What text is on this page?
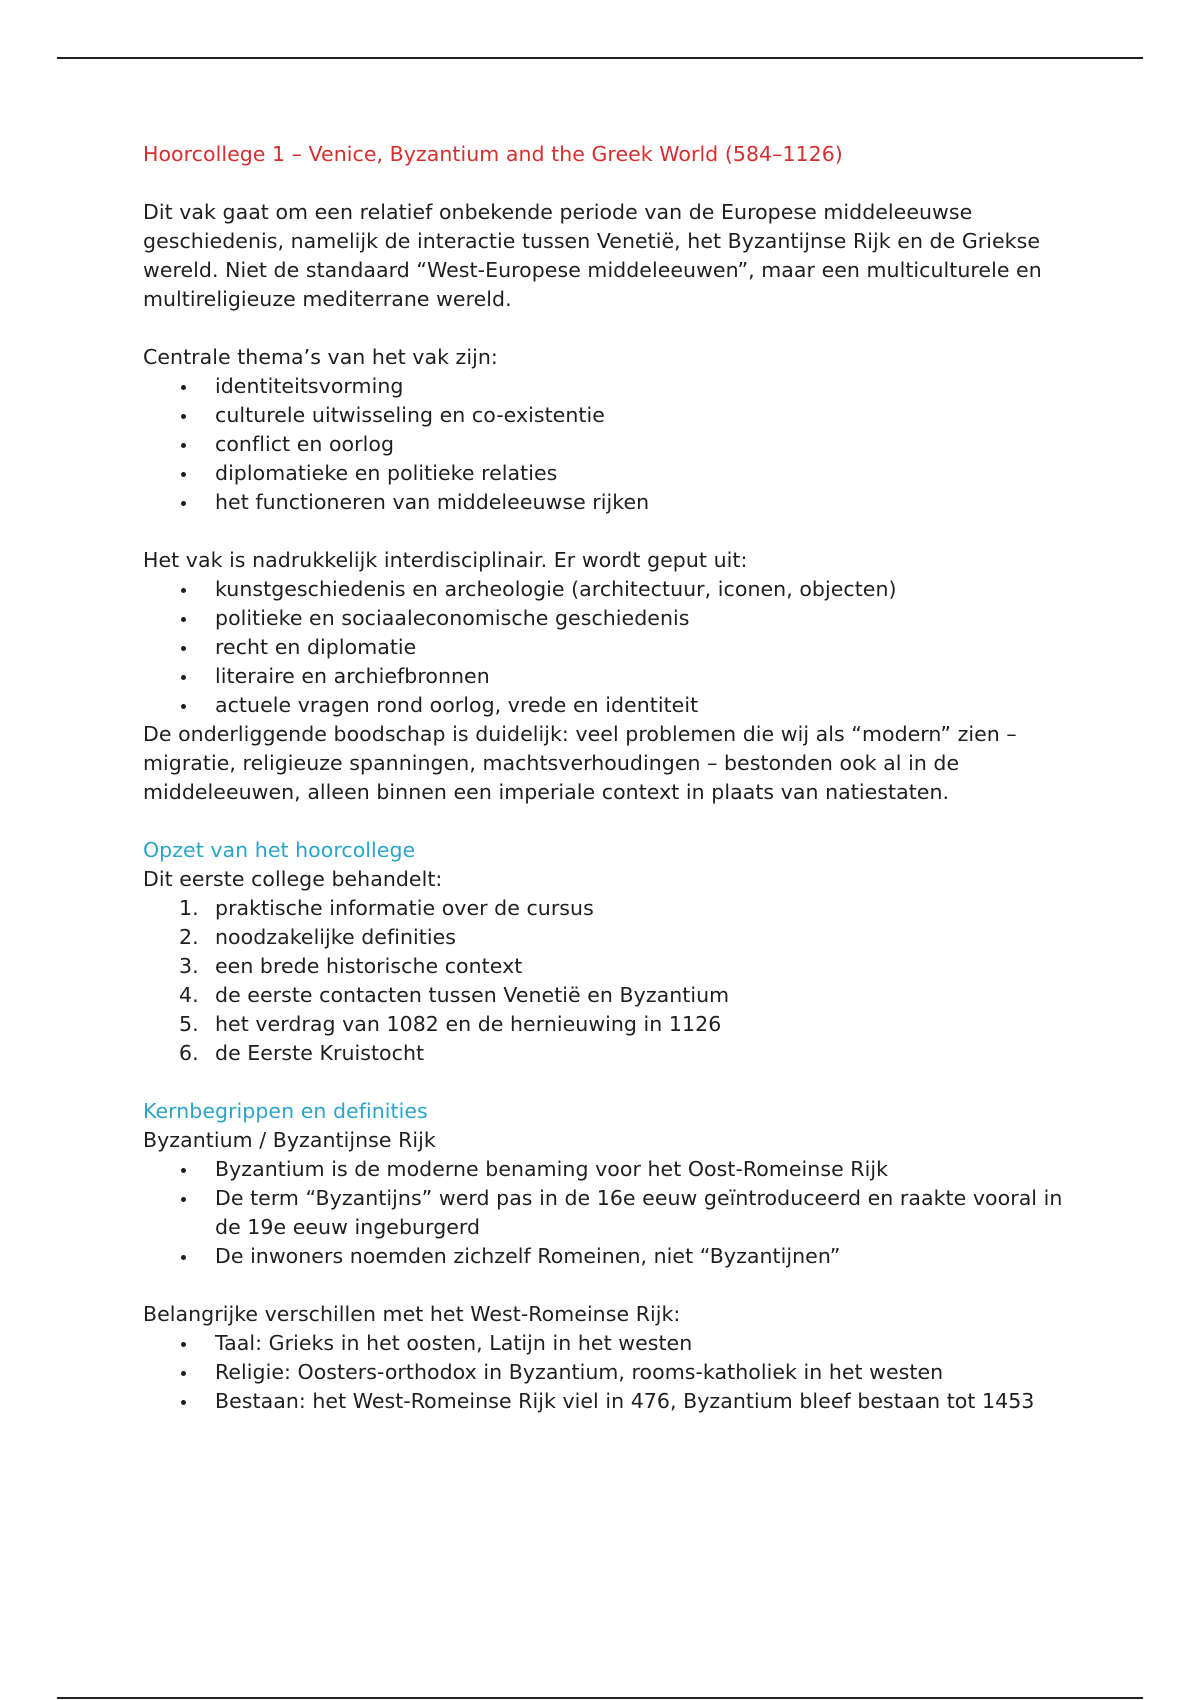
Hoorcollege 1 – Venice, Byzantium and the Greek World (584–1126)

Dit vak gaat om een relatief onbekende periode van de Europese middeleeuwse geschiedenis, namelijk de interactie tussen Venetië, het Byzantijnse Rijk en de Griekse wereld. Niet de standaard “West-Europese middeleeuwen”, maar een multiculturele en multireligieuze mediterrane wereld.

Centrale thema’s van het vak zijn:

identiteitsvorming
culturele uitwisseling en co-existentie
conflict en oorlog
diplomatieke en politieke relaties
het functioneren van middeleeuwse rijken

Het vak is nadrukkelijk interdisciplinair. Er wordt geput uit:

kunstgeschiedenis en archeologie (architectuur, iconen, objecten)
politieke en sociaaleconomische geschiedenis
recht en diplomatie
literaire en archiefbronnen
actuele vragen rond oorlog, vrede en identiteit

De onderliggende boodschap is duidelijk: veel problemen die wij als “modern” zien – migratie, religieuze spanningen, machtsverhoudingen – bestonden ook al in de middeleeuwen, alleen binnen een imperiale context in plaats van natiestaten.

Opzet van het hoorcollege

Dit eerste college behandelt:

1. praktische informatie over de cursus
2. noodzakelijke definities
3. een brede historische context
4. de eerste contacten tussen Venetië en Byzantium
5. het verdrag van 1082 en de hernieuwing in 1126
6. de Eerste Kruistocht

Kernbegrippen en definities

Byzantium / Byzantijnse Rijk

Byzantium is de moderne benaming voor het Oost-Romeinse Rijk
De term “Byzantijns” werd pas in de 16e eeuw geïntroduceerd en raakte vooral in de 19e eeuw ingeburgerd
De inwoners noemden zichzelf Romeinen, niet “Byzantijnen”

Belangrijke verschillen met het West-Romeinse Rijk:

Taal: Grieks in het oosten, Latijn in het westen
Religie: Oosters-orthodox in Byzantium, rooms-katholiek in het westen
Bestaan: het West-Romeinse Rijk viel in 476, Byzantium bleef bestaan tot 1453
